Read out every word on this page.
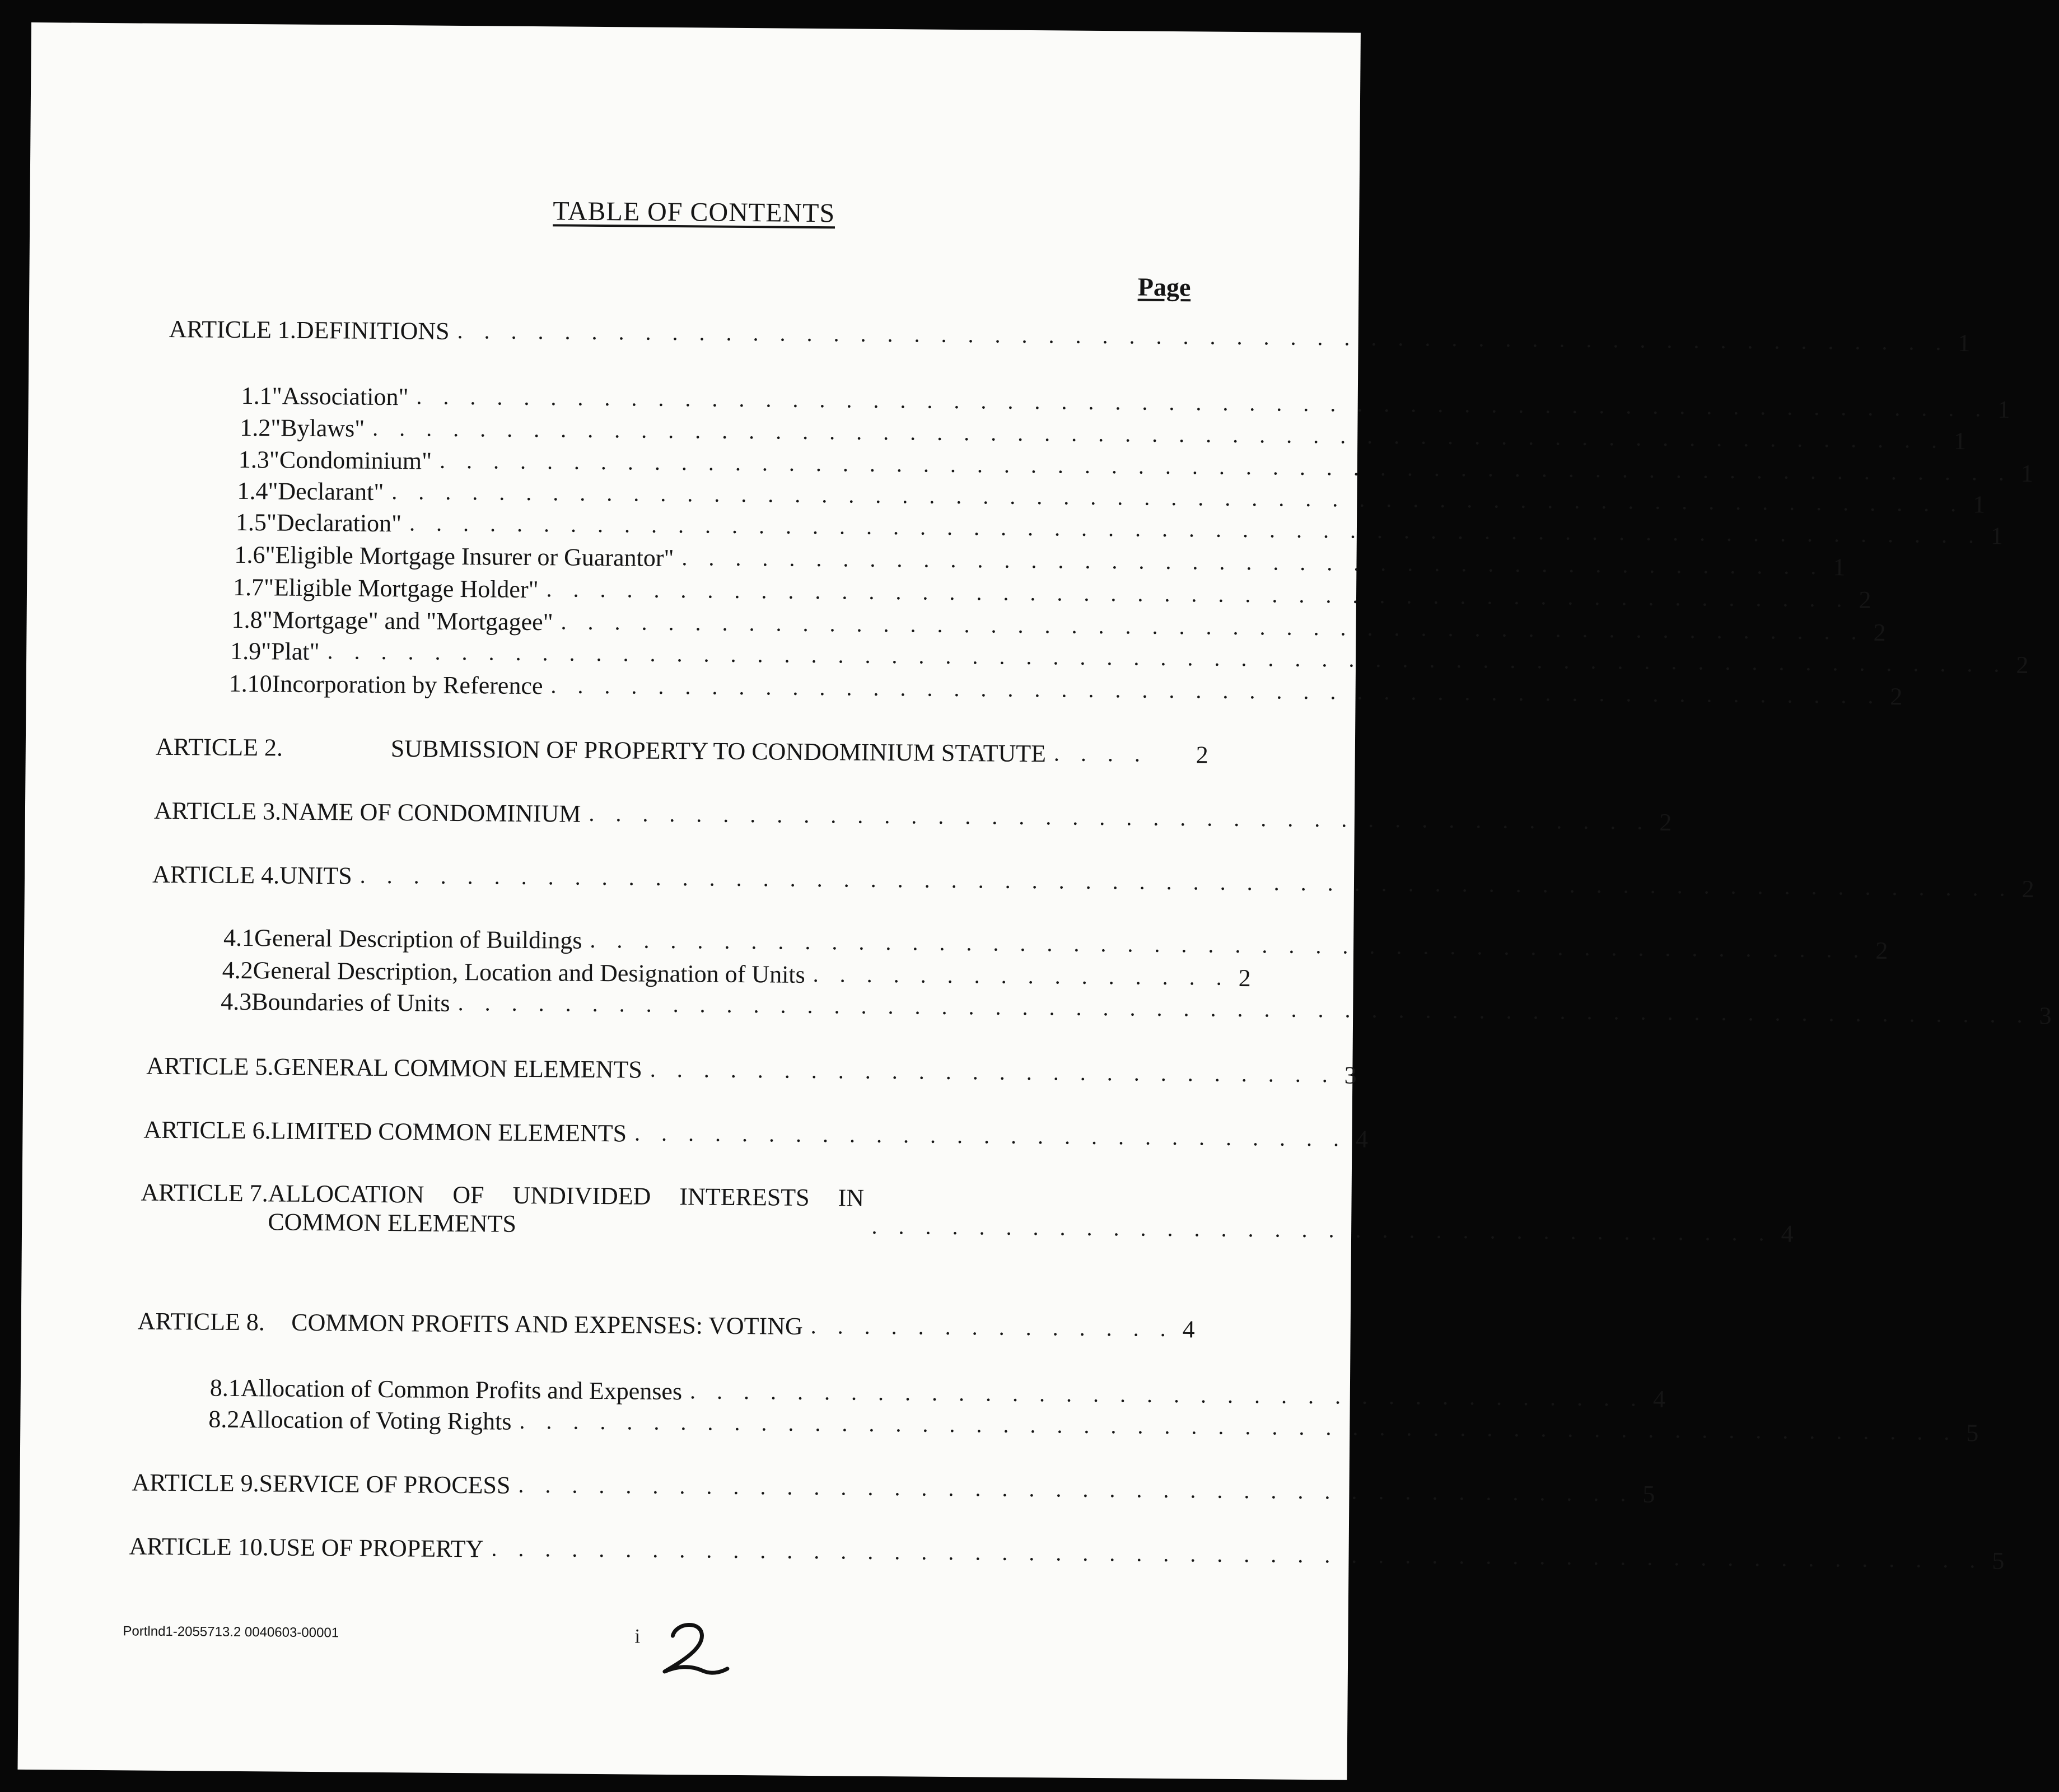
TABLE OF CONTENTS
Page
ARTICLE 1. DEFINITIONS . . . . . . . . . . . . . . . . . . . . . . . . . . . . . . . . . . . . . . . . . . . . . . . . . . . . . . . . 1
1.1 "Association" . . . . . . . . . . . . . . . . . . . . . . . . . . . . . . . . . . . . . . . . . . . . . . . . . . . . . . . . . . . 1
1.2 "Bylaws" . . . . . . . . . . . . . . . . . . . . . . . . . . . . . . . . . . . . . . . . . . . . . . . . . . . . . . . . . . . 1
1.3 "Condominium" . . . . . . . . . . . . . . . . . . . . . . . . . . . . . . . . . . . . . . . . . . . . . . . . . . . . . . . . . . . 1
1.4 "Declarant" . . . . . . . . . . . . . . . . . . . . . . . . . . . . . . . . . . . . . . . . . . . . . . . . . . . . . . . . . . . 1
1.5 "Declaration" . . . . . . . . . . . . . . . . . . . . . . . . . . . . . . . . . . . . . . . . . . . . . . . . . . . . . . . . . . . 1
1.6 "Eligible Mortgage Insurer or Guarantor" . . . . . . . . . . . . . . . . . . . . . . . . . . . . . . . . . . . . . . . . . . . 1
1.7 "Eligible Mortgage Holder" . . . . . . . . . . . . . . . . . . . . . . . . . . . . . . . . . . . . . . . . . . . . . . . . . 2
1.8 "Mortgage" and "Mortgagee" . . . . . . . . . . . . . . . . . . . . . . . . . . . . . . . . . . . . . . . . . . . . . . . . . 2
1.9 "Plat" . . . . . . . . . . . . . . . . . . . . . . . . . . . . . . . . . . . . . . . . . . . . . . . . . . . . . . . . . . . . . . . 2
1.10 Incorporation by Reference . . . . . . . . . . . . . . . . . . . . . . . . . . . . . . . . . . . . . . . . . . . . . . . . . . 2
ARTICLE 2.	SUBMISSION OF PROPERTY TO CONDOMINIUM STATUTE . . . .	2
ARTICLE 3. NAME OF CONDOMINIUM . . . . . . . . . . . . . . . . . . . . . . . . . . . . . . . . . . . . . . . . 2
ARTICLE 4. UNITS . . . . . . . . . . . . . . . . . . . . . . . . . . . . . . . . . . . . . . . . . . . . . . . . . . . . . . . . . . . . . . 2
4.1 General Description of Buildings . . . . . . . . . . . . . . . . . . . . . . . . . . . . . . . . . . . . . . . . . . . . . . . . 2
4.2 General Description, Location and Designation of Units . . . . . . . . . . . . . . . . 2
4.3 Boundaries of Units . . . . . . . . . . . . . . . . . . . . . . . . . . . . . . . . . . . . . . . . . . . . . . . . . . . . . . . . . . . 3
ARTICLE 5. GENERAL COMMON ELEMENTS . . . . . . . . . . . . . . . . . . . . . . . . . . 3
ARTICLE 6. LIMITED COMMON ELEMENTS . . . . . . . . . . . . . . . . . . . . . . . . . . . 4
ARTICLE 7. ALLOCATION OF UNDIVIDED INTERESTS IN
COMMON ELEMENTS	. . . . . . . . . . . . . . . . . . . . . . . . . . . . . . . . . . 4
ARTICLE 8.	COMMON PROFITS AND EXPENSES: VOTING . . . . . . . . . . . . . . 4
8.1 Allocation of Common Profits and Expenses . . . . . . . . . . . . . . . . . . . . . . . . . . . . . . . . . . . . 4
8.2 Allocation of Voting Rights . . . . . . . . . . . . . . . . . . . . . . . . . . . . . . . . . . . . . . . . . . . . . . . . . . . . . . 5
ARTICLE 9. SERVICE OF PROCESS . . . . . . . . . . . . . . . . . . . . . . . . . . . . . . . . . . . . . . . . . . 5
ARTICLE 10. USE OF PROPERTY . . . . . . . . . . . . . . . . . . . . . . . . . . . . . . . . . . . . . . . . . . . . . . . . . . . . . . . . 5
Portlnd1-2055713.2 0040603-00001	i
